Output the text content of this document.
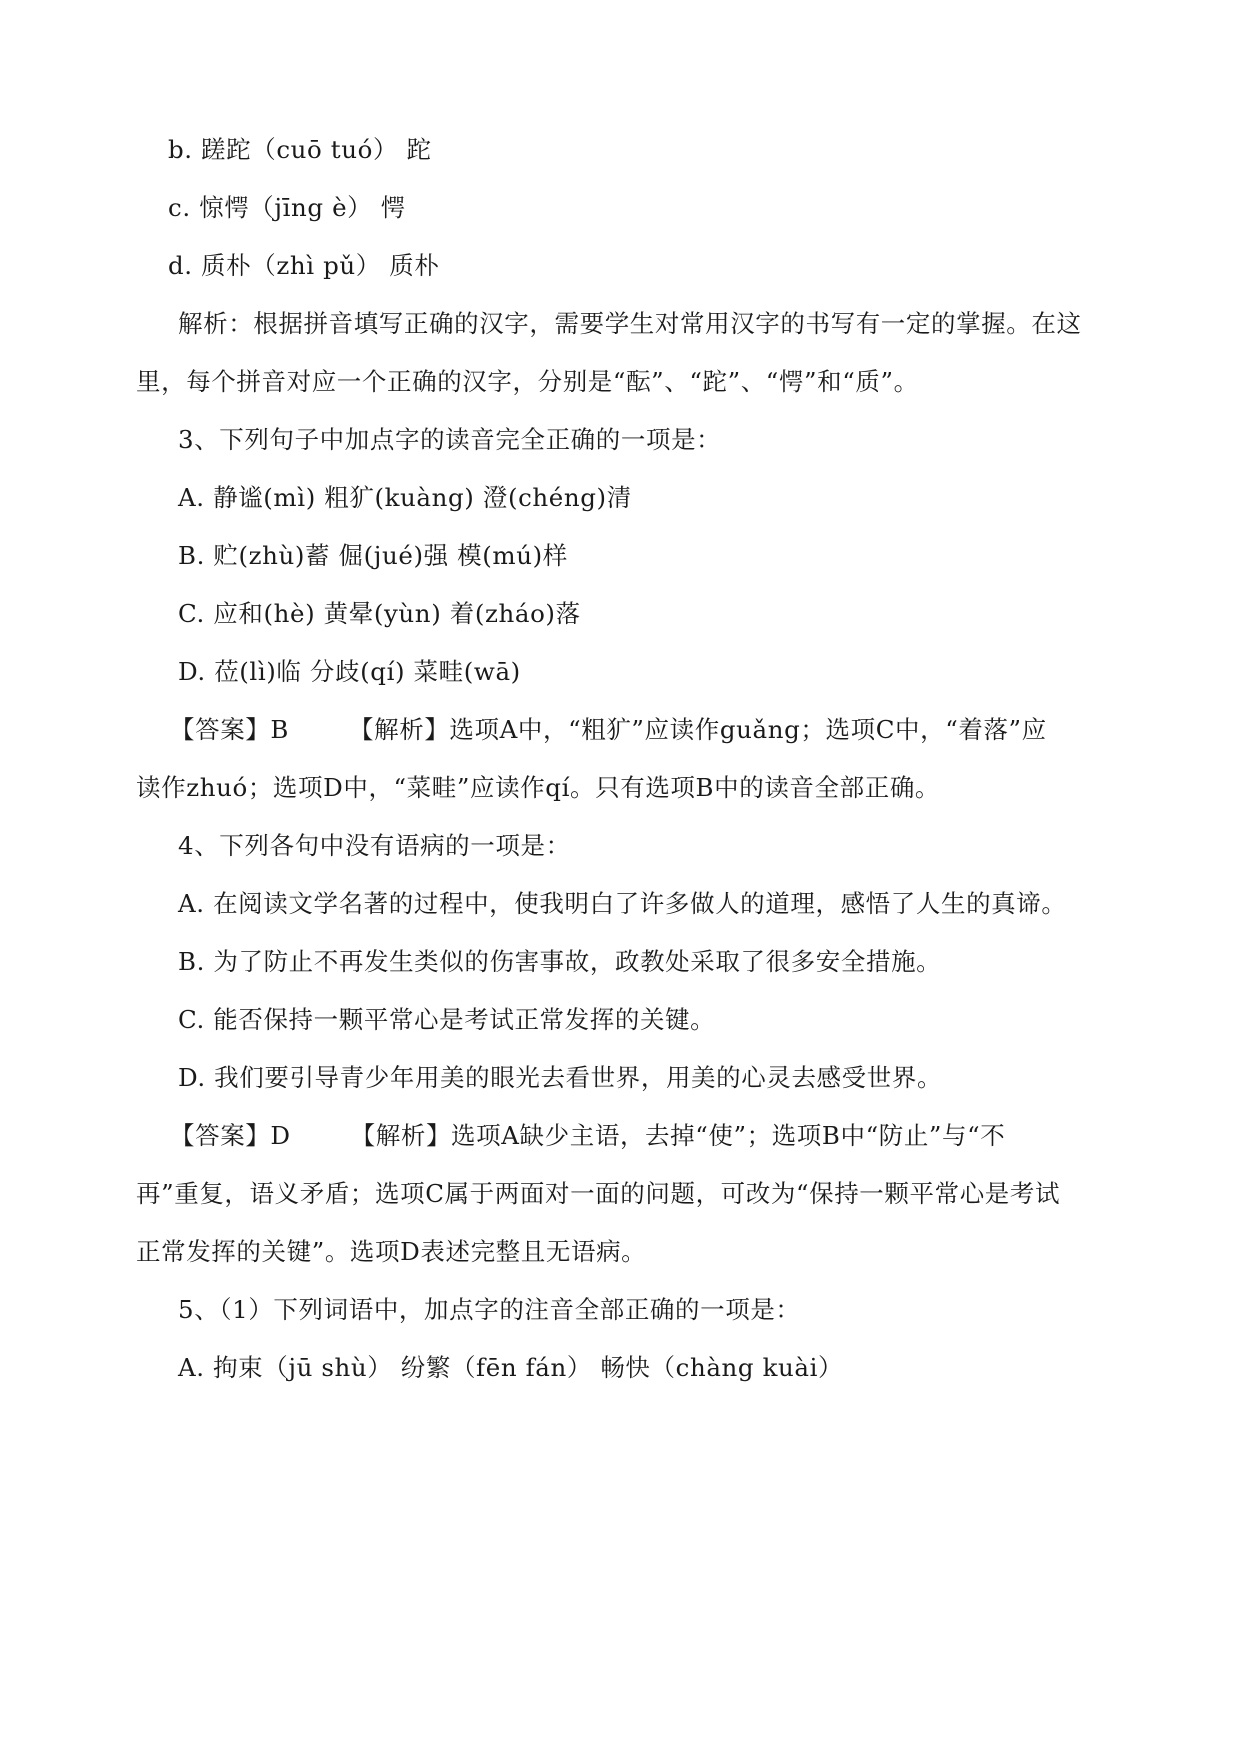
b. 蹉跎（cuō tuó） 跎
c. 惊愕（jīng è） 愕
d. 质朴（zhì pǔ） 质朴
解析：根据拼音填写正确的汉字，需要学生对常用汉字的书写有一定的掌握。在这
里，每个拼音对应一个正确的汉字，分别是“酝”、“跎”、“愕”和“质”。
3、下列句子中加点字的读音完全正确的一项是：
A. 静谧(mì) 粗犷(kuàng) 澄(chéng)清
B. 贮(zhù)蓄 倔(jué)强 模(mú)样
C. 应和(hè) 黄晕(yùn) 着(zháo)落
D. 莅(lì)临 分歧(qí) 菜畦(wā)
【答案】B 【解析】选项A中，“粗犷”应读作guǎng；选项C中，“着落”应
读作zhuó；选项D中，“菜畦”应读作qí。只有选项B中的读音全部正确。
4、下列各句中没有语病的一项是：
A. 在阅读文学名著的过程中，使我明白了许多做人的道理，感悟了人生的真谛。
B. 为了防止不再发生类似的伤害事故，政教处采取了很多安全措施。
C. 能否保持一颗平常心是考试正常发挥的关键。
D. 我们要引导青少年用美的眼光去看世界，用美的心灵去感受世界。
【答案】D 【解析】选项A缺少主语，去掉“使”；选项B中“防止”与“不
再”重复，语义矛盾；选项C属于两面对一面的问题，可改为“保持一颗平常心是考试
正常发挥的关键”。选项D表述完整且无语病。
5、（1）下列词语中，加点字的注音全部正确的一项是：
A. 拘束（jū shù） 纷繁（fēn fán） 畅快（chàng kuài）
